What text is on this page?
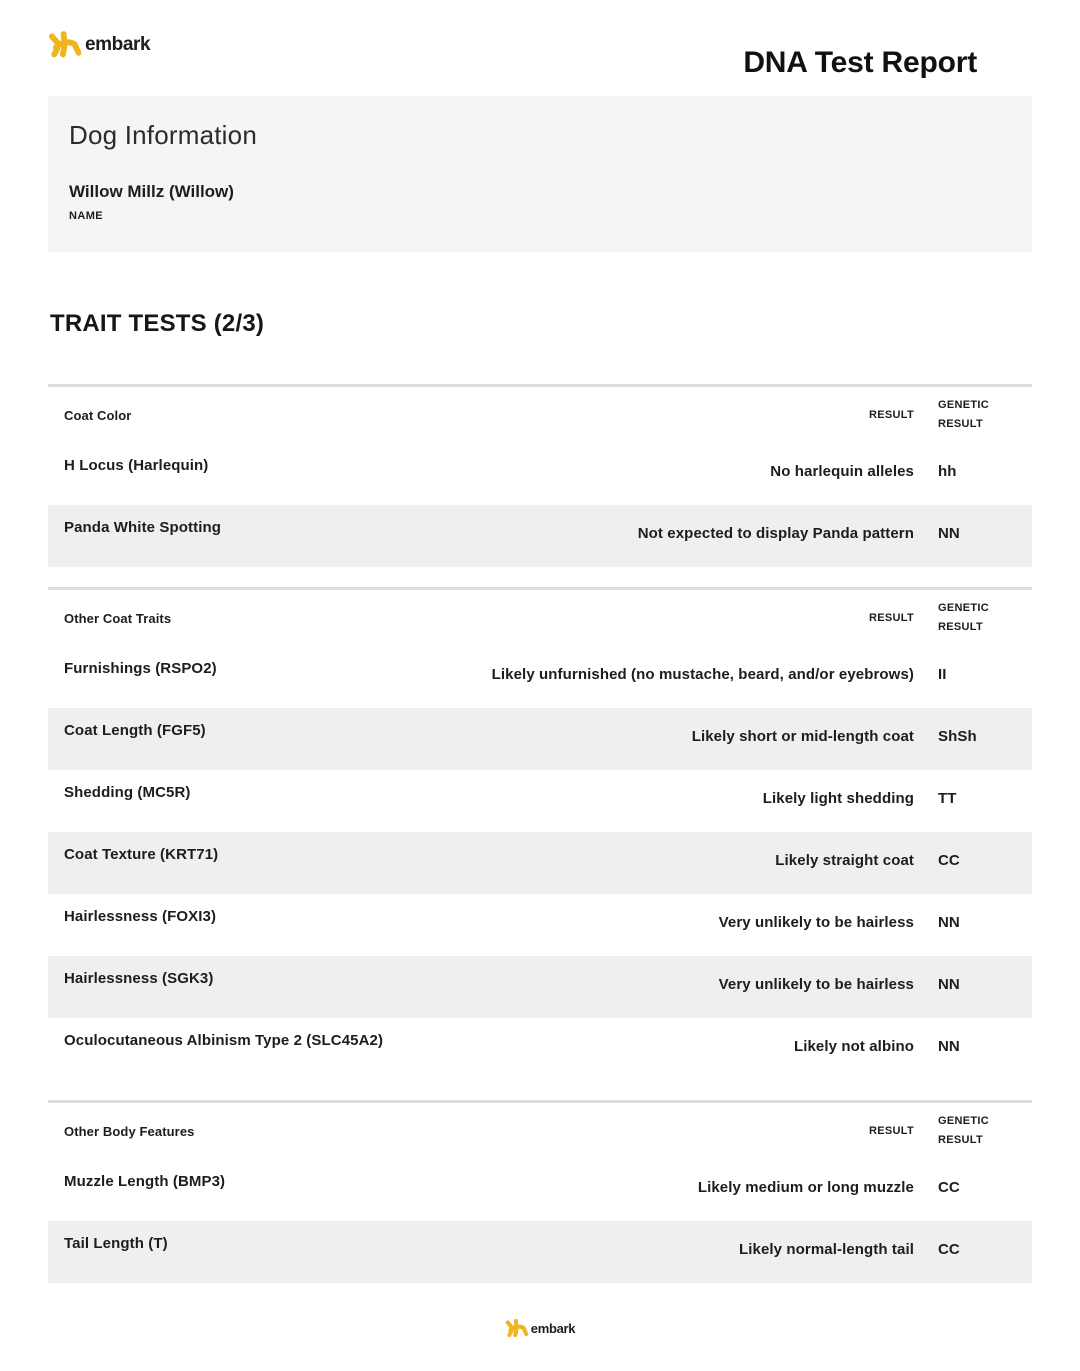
embark
DNA Test Report
Dog Information
Willow Millz (Willow)
NAME
TRAIT TESTS (2/3)
Coat Color	RESULT
GENETIC RESULT
H Locus (Harlequin)	No harlequin alleles hh
Panda White Spotting	Not expected to display Panda pattern NN
Other Coat Traits	RESULT
GENETIC RESULT
Furnishings (RSPO2)	Likely unfurnished (no mustache, beard, and/or eyebrows) II
Coat Length (FGF5)	Likely short or mid-length coat ShSh
Shedding (MC5R)	Likely light shedding TT
Coat Texture (KRT71)	Likely straight coat CC
Hairlessness (FOXI3)	Very unlikely to be hairless NN
Hairlessness (SGK3)	Very unlikely to be hairless NN
Oculocutaneous Albinism Type 2 (SLC45A2)	Likely not albino NN
Other Body Features	RESULT
GENETIC RESULT
Muzzle Length (BMP3)	Likely medium or long muzzle CC
Tail Length (T)	Likely normal-length tail CC
embark
